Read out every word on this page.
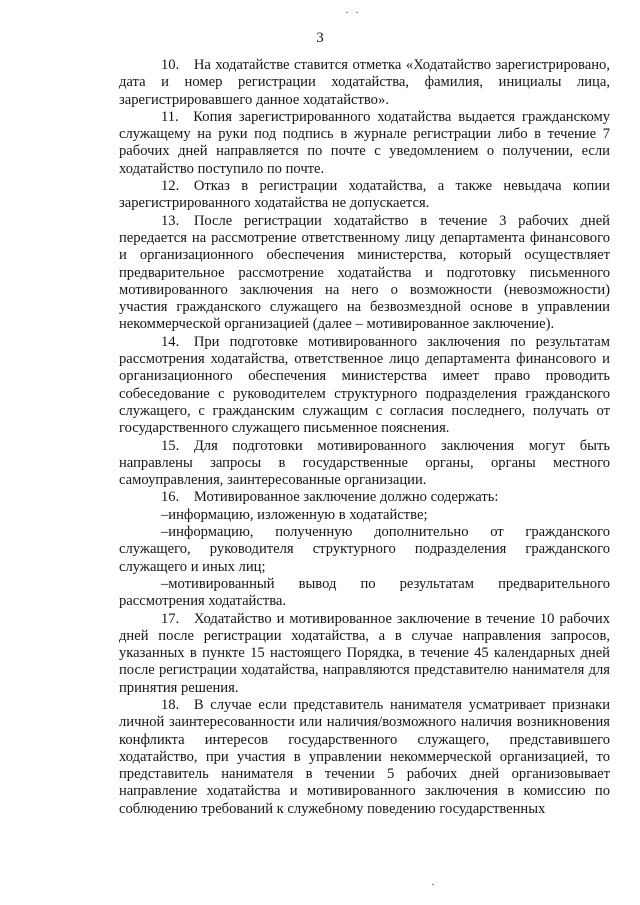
3

10. На ходатайстве ставится отметка «Ходатайство зарегистрировано, дата и номер регистрации ходатайства, фамилия, инициалы лица, зарегистрировавшего данное ходатайство».

11. Копия зарегистрированного ходатайства выдается гражданскому служащему на руки под подпись в журнале регистрации либо в течение 7 рабочих дней направляется по почте с уведомлением о получении, если ходатайство поступило по почте.

12. Отказ в регистрации ходатайства, а также невыдача копии зарегистрированного ходатайства не допускается.

13. После регистрации ходатайство в течение 3 рабочих дней передается на рассмотрение ответственному лицу департамента финансового и организационного обеспечения министерства, который осуществляет предварительное рассмотрение ходатайства и подготовку письменного мотивированного заключения на него о возможности (невозможности) участия гражданского служащего на безвозмездной основе в управлении некоммерческой организацией (далее – мотивированное заключение).

14. При подготовке мотивированного заключения по результатам рассмотрения ходатайства, ответственное лицо департамента финансового и организационного обеспечения министерства имеет право проводить собеседование с руководителем структурного подразделения гражданского служащего, с гражданским служащим с согласия последнего, получать от государственного служащего письменное пояснения.

15. Для подготовки мотивированного заключения могут быть направлены запросы в государственные органы, органы местного самоуправления, заинтересованные организации.

16. Мотивированное заключение должно содержать:

–информацию, изложенную в ходатайстве;

–информацию, полученную дополнительно от гражданского служащего, руководителя структурного подразделения гражданского служащего и иных лиц;

–мотивированный вывод по результатам предварительного рассмотрения ходатайства.

17. Ходатайство и мотивированное заключение в течение 10 рабочих дней после регистрации ходатайства, а в случае направления запросов, указанных в пункте 15 настоящего Порядка, в течение 45 календарных дней после регистрации ходатайства, направляются представителю нанимателя для принятия решения.

18. В случае если представитель нанимателя усматривает признаки личной заинтересованности или наличия/возможного наличия возникновения конфликта интересов государственного служащего, представившего ходатайство, при участия в управлении некоммерческой организацией, то представитель нанимателя в течении 5 рабочих дней организовывает направление ходатайства и мотивированного заключения в комиссию по соблюдению требований к служебному поведению государственных
